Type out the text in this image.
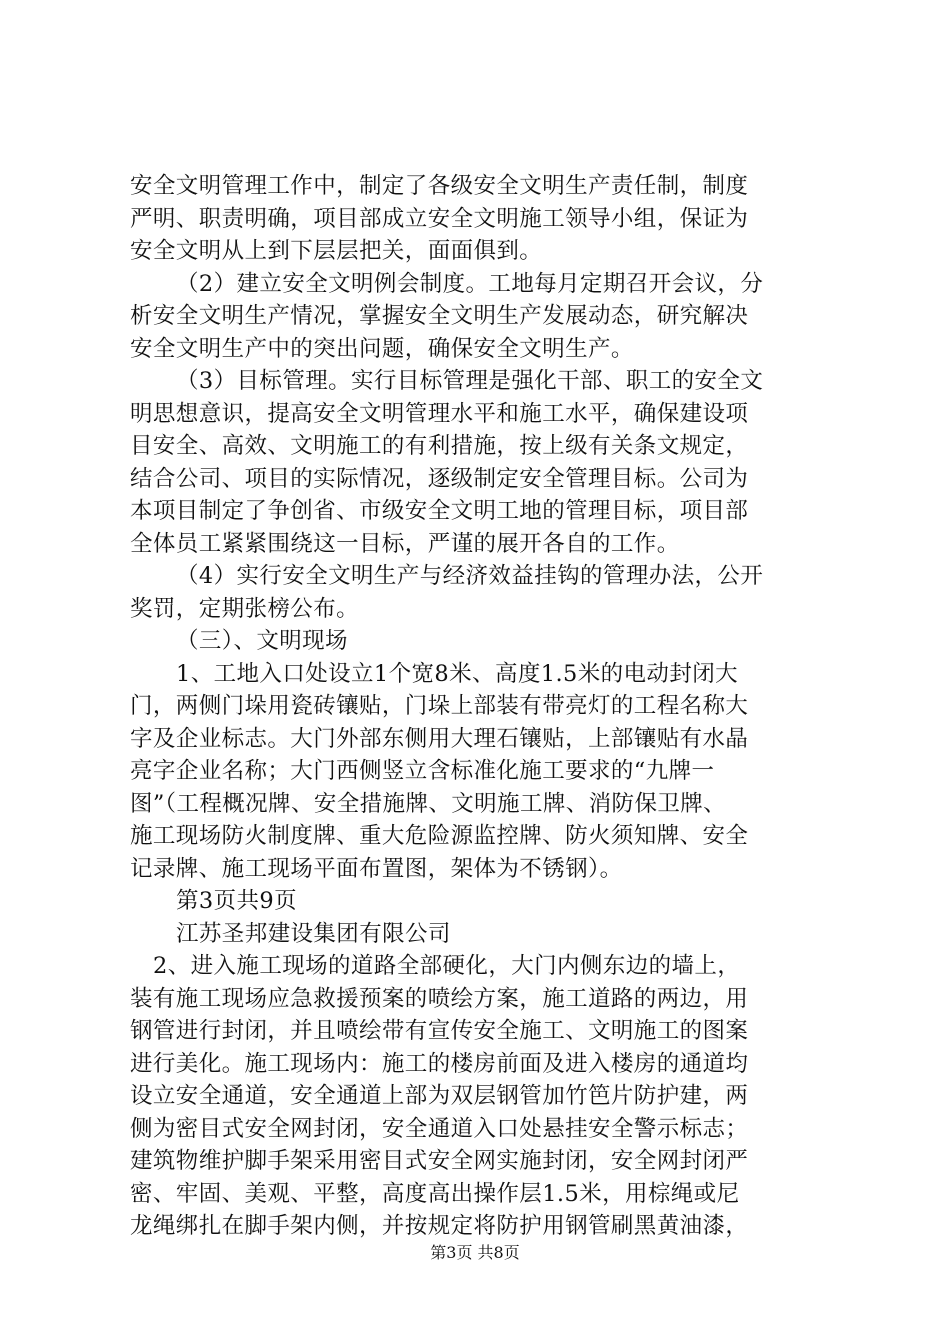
安全文明管理工作中，制定了各级安全文明生产责任制，制度
严明、职责明确，项目部成立安全文明施工领导小组，保证为
安全文明从上到下层层把关，面面俱到。
（2）建立安全文明例会制度。工地每月定期召开会议，分
析安全文明生产情况，掌握安全文明生产发展动态，研究解决
安全文明生产中的突出问题，确保安全文明生产。
（3）目标管理。实行目标管理是强化干部、职工的安全文
明思想意识，提高安全文明管理水平和施工水平，确保建设项
目安全、高效、文明施工的有利措施，按上级有关条文规定，
结合公司、项目的实际情况，逐级制定安全管理目标。公司为
本项目制定了争创省、市级安全文明工地的管理目标，项目部
全体员工紧紧围绕这一目标，严谨的展开各自的工作。
（4）实行安全文明生产与经济效益挂钩的管理办法，公开
奖罚，定期张榜公布。
（三）、文明现场
1、工地入口处设立1个宽8米、高度1.5米的电动封闭大
门，两侧门垛用瓷砖镶贴，门垛上部装有带亮灯的工程名称大
字及企业标志。大门外部东侧用大理石镶贴，上部镶贴有水晶
亮字企业名称；大门西侧竖立含标准化施工要求的“九牌一
图”（工程概况牌、安全措施牌、文明施工牌、消防保卫牌、
施工现场防火制度牌、重大危险源监控牌、防火须知牌、安全
记录牌、施工现场平面布置图，架体为不锈钢）。
第3页共9页
江苏圣邦建设集团有限公司
2、进入施工现场的道路全部硬化，大门内侧东边的墙上，
装有施工现场应急救援预案的喷绘方案，施工道路的两边，用
钢管进行封闭，并且喷绘带有宣传安全施工、文明施工的图案
进行美化。施工现场内：施工的楼房前面及进入楼房的通道均
设立安全通道，安全通道上部为双层钢管加竹笆片防护建，两
侧为密目式安全网封闭，安全通道入口处悬挂安全警示标志；
建筑物维护脚手架采用密目式安全网实施封闭，安全网封闭严
密、牢固、美观、平整，高度高出操作层1.5米，用棕绳或尼
龙绳绑扎在脚手架内侧，并按规定将防护用钢管刷黑黄油漆，
第3页 共8页
